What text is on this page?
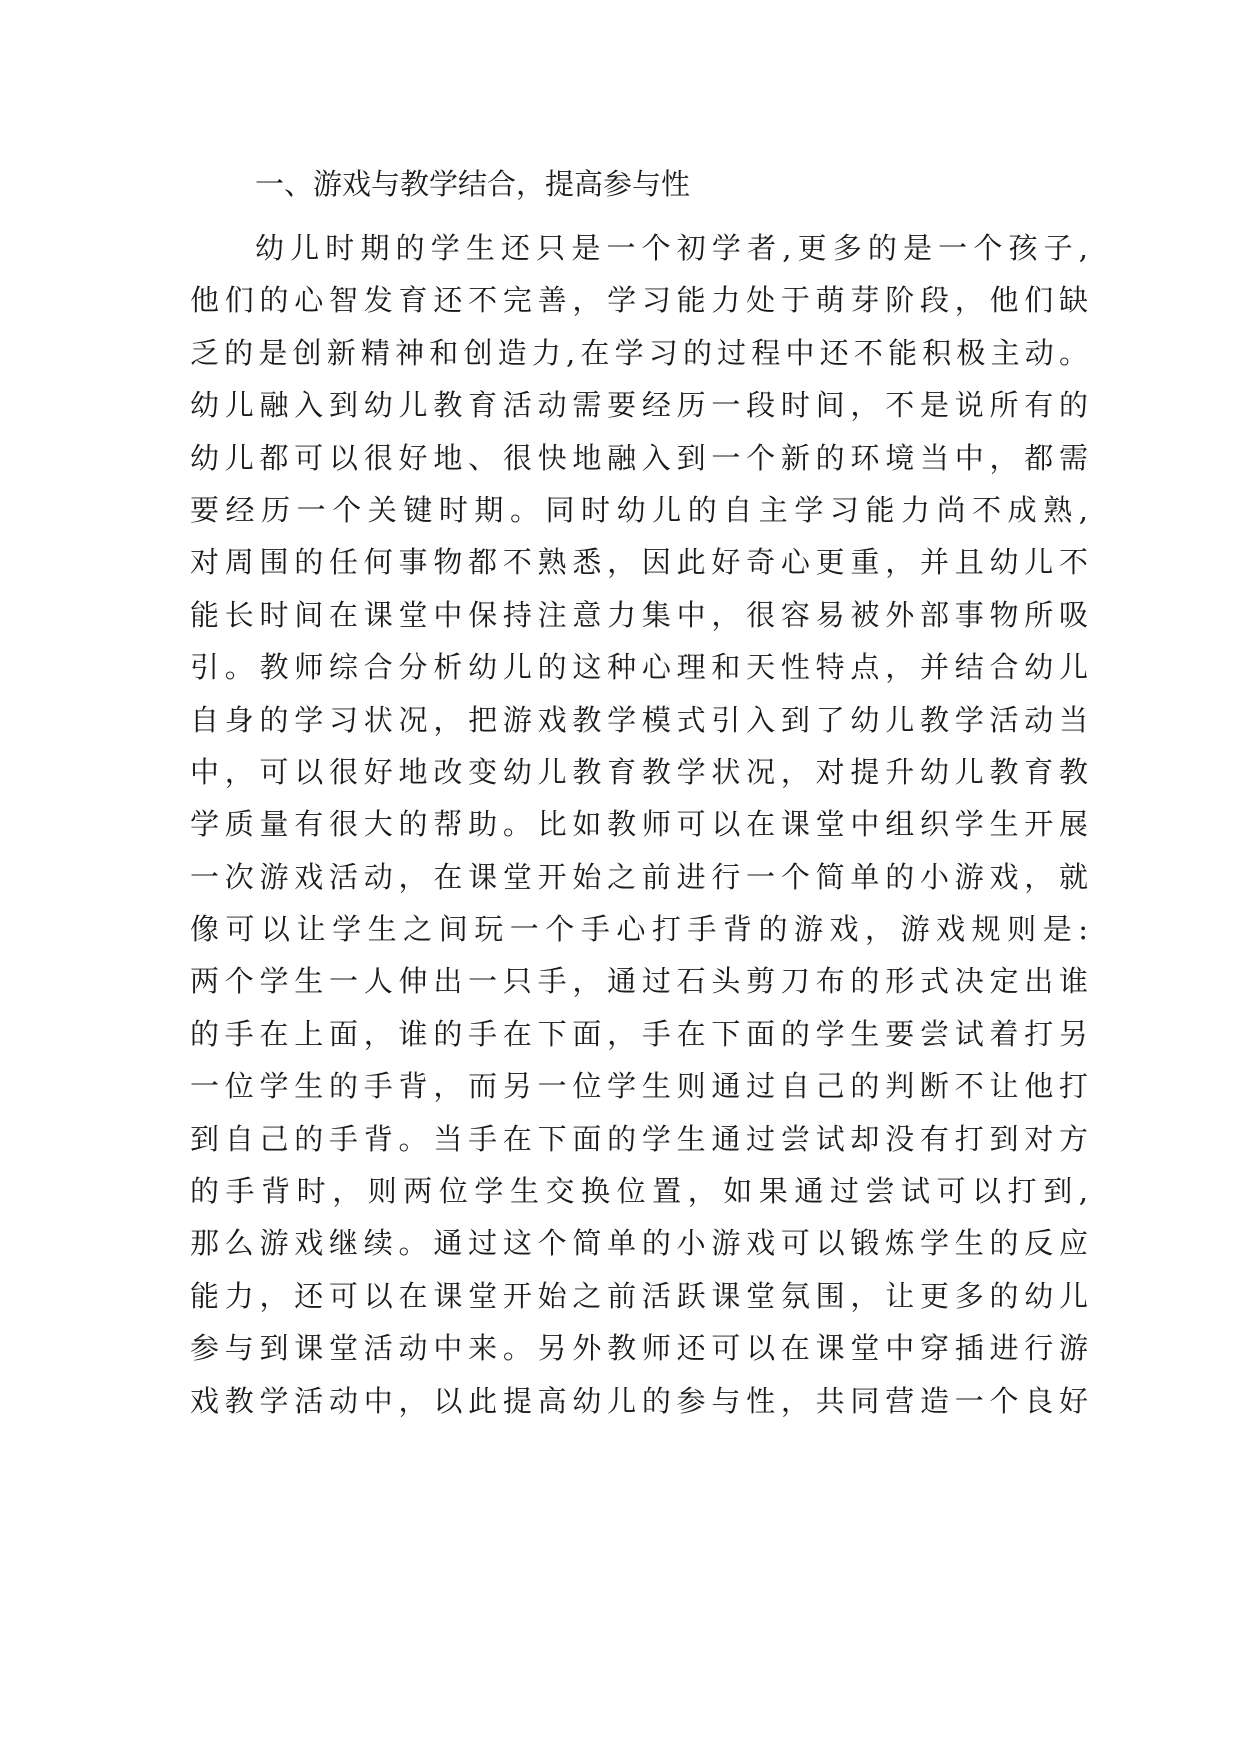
一、游戏与教学结合，提高参与性
幼儿时期的学生还只是一个初学者,更多的是一个孩子,
他们的心智发育还不完善，学习能力处于萌芽阶段，他们缺
乏的是创新精神和创造力,在学习的过程中还不能积极主动。
幼儿融入到幼儿教育活动需要经历一段时间，不是说所有的
幼儿都可以很好地、很快地融入到一个新的环境当中，都需
要经历一个关键时期。同时幼儿的自主学习能力尚不成熟,
对周围的任何事物都不熟悉，因此好奇心更重，并且幼儿不
能长时间在课堂中保持注意力集中，很容易被外部事物所吸
引。教师综合分析幼儿的这种心理和天性特点，并结合幼儿
自身的学习状况，把游戏教学模式引入到了幼儿教学活动当
中，可以很好地改变幼儿教育教学状况，对提升幼儿教育教
学质量有很大的帮助。比如教师可以在课堂中组织学生开展
一次游戏活动，在课堂开始之前进行一个简单的小游戏，就
像可以让学生之间玩一个手心打手背的游戏，游戏规则是:
两个学生一人伸出一只手，通过石头剪刀布的形式决定出谁
的手在上面，谁的手在下面，手在下面的学生要尝试着打另
一位学生的手背，而另一位学生则通过自己的判断不让他打
到自己的手背。当手在下面的学生通过尝试却没有打到对方
的手背时，则两位学生交换位置，如果通过尝试可以打到,
那么游戏继续。通过这个简单的小游戏可以锻炼学生的反应
能力，还可以在课堂开始之前活跃课堂氛围，让更多的幼儿
参与到课堂活动中来。另外教师还可以在课堂中穿插进行游
戏教学活动中，以此提高幼儿的参与性，共同营造一个良好
